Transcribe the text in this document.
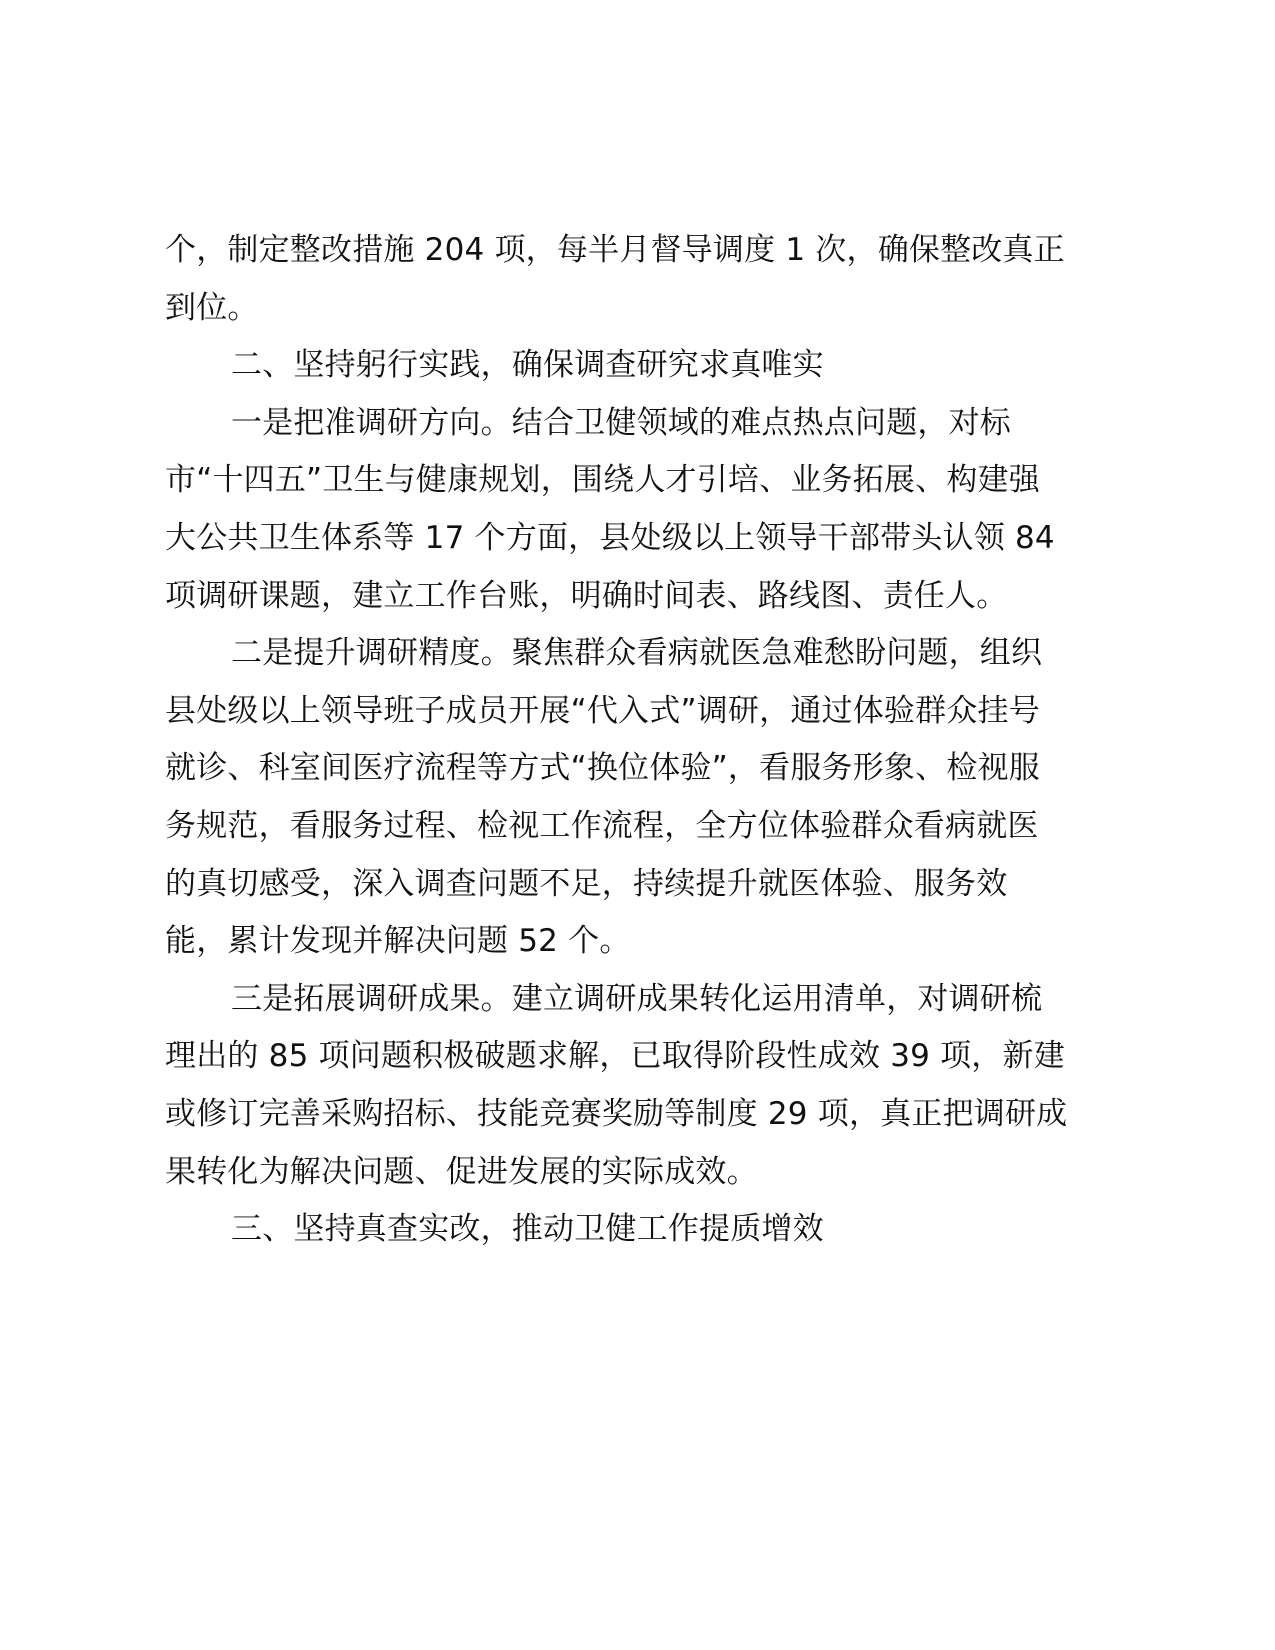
个，制定整改措施 204 项，每半月督导调度 1 次，确保整改真正
到位。

二、坚持躬行实践，确保调查研究求真唯实

一是把准调研方向。结合卫健领域的难点热点问题，对标
市“十四五”卫生与健康规划，围绕人才引培、业务拓展、构建强
大公共卫生体系等 17 个方面，县处级以上领导干部带头认领 84
项调研课题，建立工作台账，明确时间表、路线图、责任人。

二是提升调研精度。聚焦群众看病就医急难愁盼问题，组织
县处级以上领导班子成员开展“代入式”调研，通过体验群众挂号
就诊、科室间医疗流程等方式“换位体验”，看服务形象、检视服
务规范，看服务过程、检视工作流程，全方位体验群众看病就医
的真切感受，深入调查问题不足，持续提升就医体验、服务效
能，累计发现并解决问题 52 个。

三是拓展调研成果。建立调研成果转化运用清单，对调研梳
理出的 85 项问题积极破题求解，已取得阶段性成效 39 项，新建
或修订完善采购招标、技能竞赛奖励等制度 29 项，真正把调研成
果转化为解决问题、促进发展的实际成效。

三、坚持真查实改，推动卫健工作提质增效
